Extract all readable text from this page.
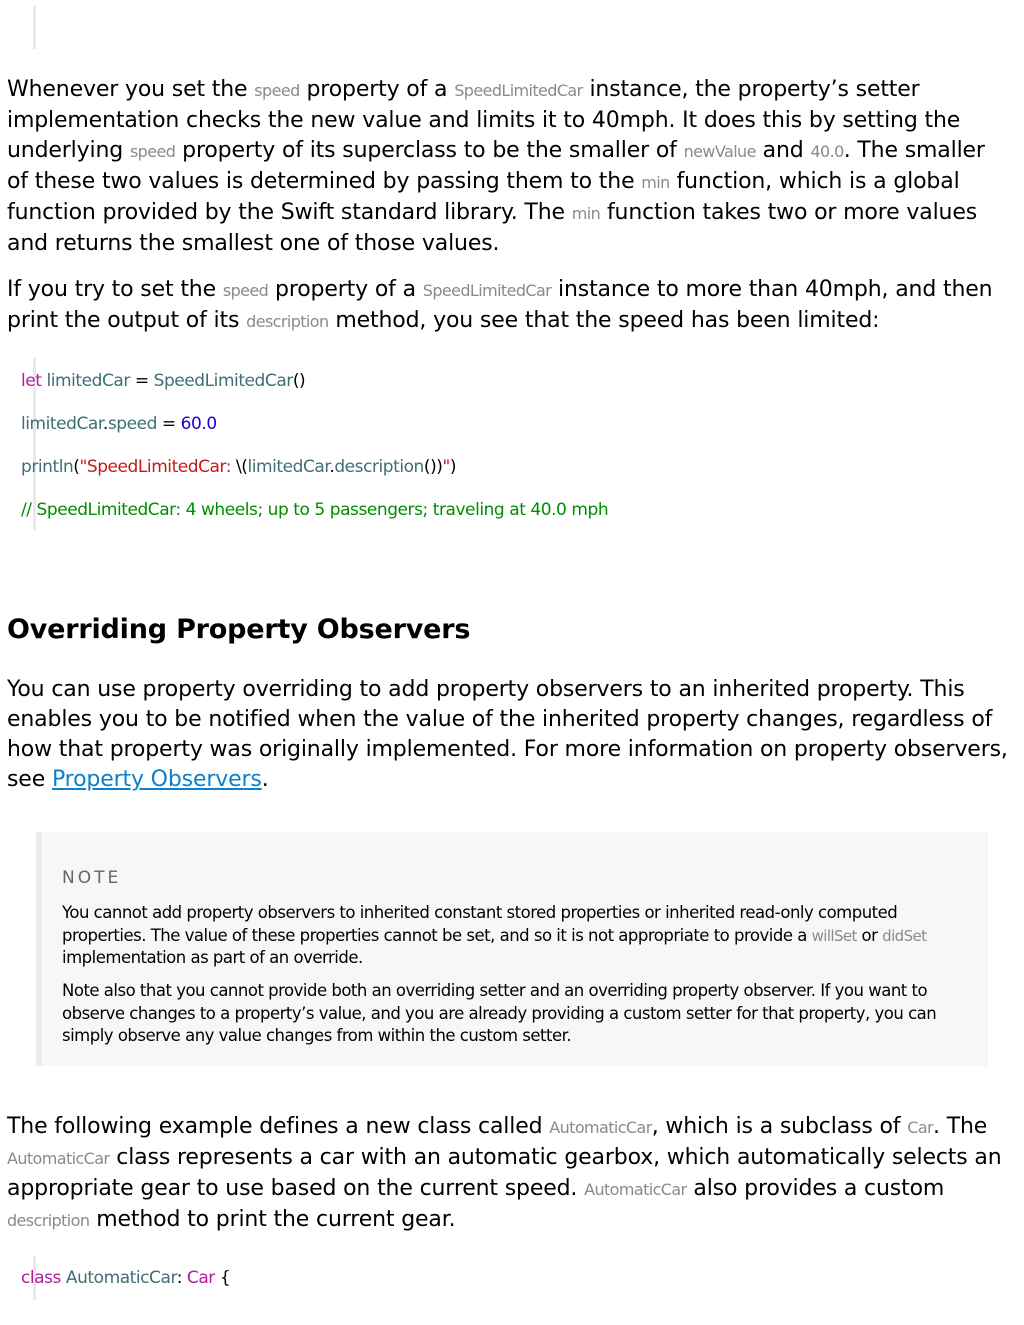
Whenever you set the speed property of a SpeedLimitedCar instance, the property’s setter implementation checks the new value and limits it to 40mph. It does this by setting the underlying speed property of its superclass to be the smaller of newValue and 40.0. The smaller of these two values is determined by passing them to the min function, which is a global function provided by the Swift standard library. The min function takes two or more values and returns the smallest one of those values.

If you try to set the speed property of a SpeedLimitedCar instance to more than 40mph, and then print the output of its description method, you see that the speed has been limited:

let limitedCar = SpeedLimitedCar()
limitedCar.speed = 60.0
println("SpeedLimitedCar: \(limitedCar.description())")
// SpeedLimitedCar: 4 wheels; up to 5 passengers; traveling at 40.0 mph
Overriding Property Observers

You can use property overriding to add property observers to an inherited property. This enables you to be notified when the value of the inherited property changes, regardless of how that property was originally implemented. For more information on property observers, see Property Observers.

NOTE

You cannot add property observers to inherited constant stored properties or inherited read-only computed properties. The value of these properties cannot be set, and so it is not appropriate to provide a willSet or didSet implementation as part of an override.

Note also that you cannot provide both an overriding setter and an overriding property observer. If you want to observe changes to a property’s value, and you are already providing a custom setter for that property, you can simply observe any value changes from within the custom setter.

The following example defines a new class called AutomaticCar, which is a subclass of Car. The AutomaticCar class represents a car with an automatic gearbox, which automatically selects an appropriate gear to use based on the current speed. AutomaticCar also provides a custom description method to print the current gear.

class AutomaticCar: Car {
